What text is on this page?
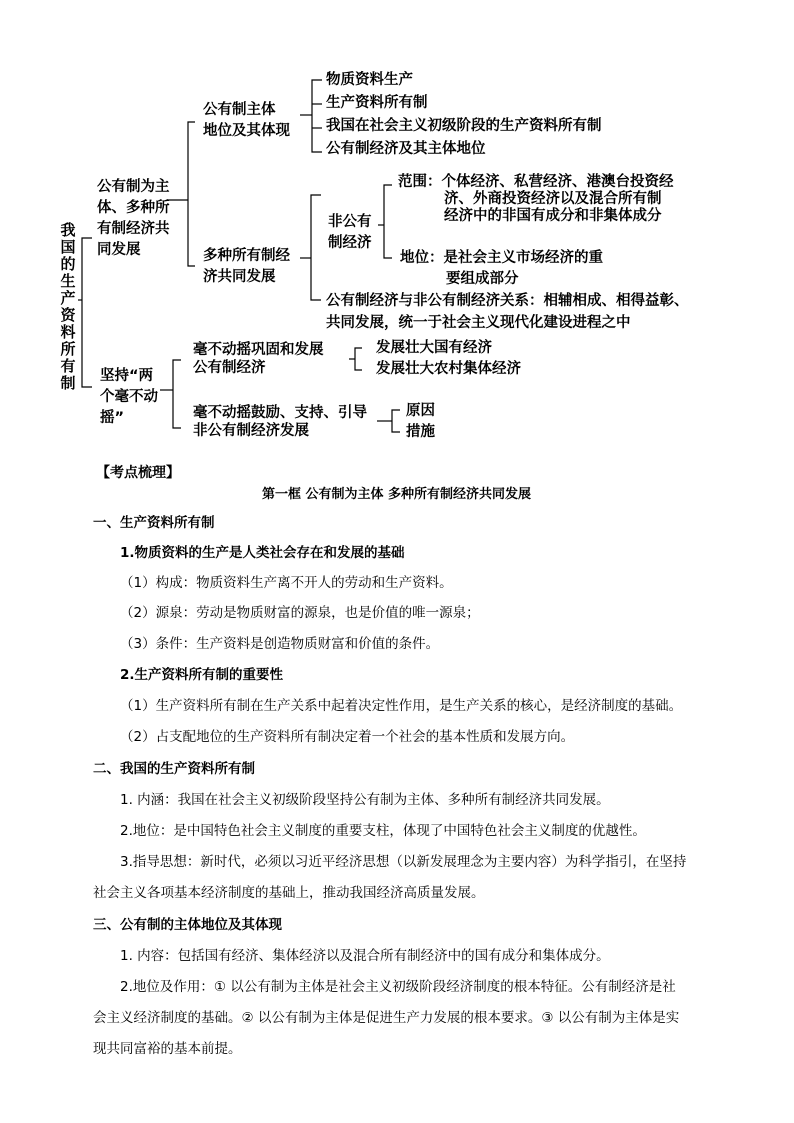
我
国
的
生
产
资
料
所
有
制
公有制为主
体、多种所
有制经济共
同发展
公有制主体
地位及其体现
物质资料生产
生产资料所有制
我国在社会主义初级阶段的生产资料所有制
公有制经济及其主体地位
多种所有制经
济共同发展
非公有
制经济
范围：个体经济、私营经济、港澳台投资经
济、外商投资经济以及混合所有制
经济中的非国有成分和非集体成分
地位：是社会主义市场经济的重
要组成部分
公有制经济与非公有制经济关系：相辅相成、相得益彰、
共同发展，统一于社会主义现代化建设进程之中
坚持“两
个毫不动
摇”
毫不动摇巩固和发展
公有制经济
发展壮大国有经济
发展壮大农村集体经济
毫不动摇鼓励、支持、引导
非公有制经济发展
原因
措施
【考点梳理】
第一框 公有制为主体 多种所有制经济共同发展
一、生产资料所有制
1.物质资料的生产是人类社会存在和发展的基础
（1）构成：物质资料生产离不开人的劳动和生产资料。
（2）源泉：劳动是物质财富的源泉，也是价值的唯一源泉；
（3）条件：生产资料是创造物质财富和价值的条件。
2.生产资料所有制的重要性
（1）生产资料所有制在生产关系中起着决定性作用，是生产关系的核心，是经济制度的基础。
（2）占支配地位的生产资料所有制决定着一个社会的基本性质和发展方向。
二、我国的生产资料所有制
1. 内涵：我国在社会主义初级阶段坚持公有制为主体、多种所有制经济共同发展。
2.地位：是中国特色社会主义制度的重要支柱，体现了中国特色社会主义制度的优越性。
3.指导思想：新时代，必须以习近平经济思想（以新发展理念为主要内容）为科学指引，在坚持
社会主义各项基本经济制度的基础上，推动我国经济高质量发展。
三、公有制的主体地位及其体现
1. 内容：包括国有经济、集体经济以及混合所有制经济中的国有成分和集体成分。
2.地位及作用：① 以公有制为主体是社会主义初级阶段经济制度的根本特征。公有制经济是社
会主义经济制度的基础。② 以公有制为主体是促进生产力发展的根本要求。③ 以公有制为主体是实
现共同富裕的基本前提。
